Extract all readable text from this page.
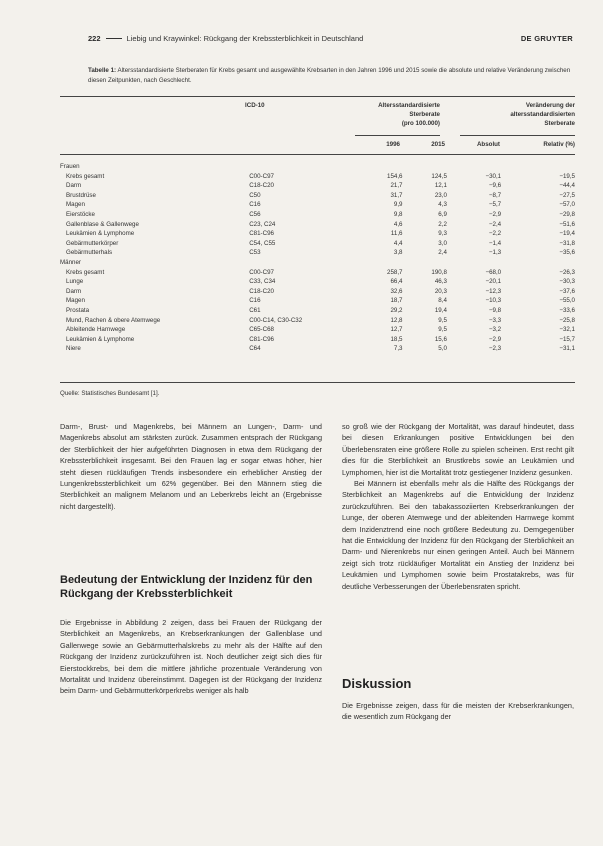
222	Liebig und Kraywinkel: Rückgang der Krebssterblichkeit in Deutschland	DE GRUYTER
Tabelle 1: Altersstandardisierte Sterberaten für Krebs gesamt und ausgewählte Krebsarten in den Jahren 1996 und 2015 sowie die absolute und relative Veränderung zwischen diesen Zeitpunkten, nach Geschlecht.
ICD-10	Altersstandardisierte
Sterberate
(pro 100.000)
Veränderung der
altersstandardisierten
Sterberate
1996	2015	Absolut	Relativ (%)
Frauen					
Krebs gesamt	C00-C97	154,6	124,5	−30,1	−19,5
Darm	C18-C20	21,7	12,1	−9,6	−44,4
Brustdrüse	C50	31,7	23,0	−8,7	−27,5
Magen	C16	9,9	4,3	−5,7	−57,0
Eierstöcke	C56	9,8	6,9	−2,9	−29,8
Gallenblase & Gallenwege	C23, C24	4,6	2,2	−2,4	−51,6
Leukämien & Lymphome	C81-C96	11,6	9,3	−2,2	−19,4
Gebärmutterkörper	C54, C55	4,4	3,0	−1,4	−31,8
Gebärmutterhals	C53	3,8	2,4	−1,3	−35,6
Männer					
Krebs gesamt	C00-C97	258,7	190,8	−68,0	−26,3
Lunge	C33, C34	66,4	46,3	−20,1	−30,3
Darm	C18-C20	32,6	20,3	−12,3	−37,6
Magen	C16	18,7	8,4	−10,3	−55,0
Prostata	C61	29,2	19,4	−9,8	−33,6
Mund, Rachen & obere Atemwege	C00-C14, C30-C32	12,8	9,5	−3,3	−25,8
Ableitende Harnwege	C65-C68	12,7	9,5	−3,2	−32,1
Leukämien & Lymphome	C81-C96	18,5	15,6	−2,9	−15,7
Niere	C64	7,3	5,0	−2,3	−31,1
Quelle: Statistisches Bundesamt [1].

Darm-, Brust- und Magenkrebs, bei Männern an Lungen-, Darm- und Magenkrebs absolut am stärksten zurück. Zusammen entsprach der Rückgang der Sterblichkeit der hier aufgeführten Diagnosen in etwa dem Rückgang der Krebssterblichkeit insgesamt. Bei den Frauen lag er sogar etwas höher, hier steht diesen rückläufigen Trends insbesondere ein erheblicher Anstieg der Lungenkrebssterblichkeit um 62% gegenüber. Bei den Männern stieg die Sterblichkeit an malignem Melanom und an Leberkrebs leicht an (Ergebnisse nicht dargestellt).

Bedeutung der Entwicklung der Inzidenz für den Rückgang der Krebssterblichkeit

Die Ergebnisse in Abbildung 2 zeigen, dass bei Frauen der Rückgang der Sterblichkeit an Magenkrebs, an Krebserkrankungen der Gallenblase und Gallenwege sowie an Gebärmutterhalskrebs zu mehr als der Hälfte auf den Rückgang der Inzidenz zurückzuführen ist. Noch deutlicher zeigt sich dies für Eierstockkrebs, bei dem die mittlere jährliche prozentuale Veränderung von Mortalität und Inzidenz übereinstimmt. Dagegen ist der Rückgang der Inzidenz beim Darm- und Gebärmutterkörperkrebs weniger als halb

so groß wie der Rückgang der Mortalität, was darauf hindeutet, dass bei diesen Erkrankungen positive Entwicklungen bei den Überlebensraten eine größere Rolle zu spielen scheinen. Erst recht gilt dies für die Sterblichkeit an Brustkrebs sowie an Leukämien und Lymphomen, hier ist die Mortalität trotz gestiegener Inzidenz gesunken.

Bei Männern ist ebenfalls mehr als die Hälfte des Rückgangs der Sterblichkeit an Magenkrebs auf die Entwicklung der Inzidenz zurückzuführen. Bei den tabakassoziierten Krebserkrankungen der Lunge, der oberen Atemwege und der ableitenden Harnwege kommt dem Inzidenztrend eine noch größere Bedeutung zu. Demgegenüber hat die Entwicklung der Inzidenz für den Rückgang der Sterblichkeit an Darm- und Nierenkrebs nur einen geringen Anteil. Auch bei Männern zeigt sich trotz rückläufiger Mortalität ein Anstieg der Inzidenz bei Leukämien und Lymphomen sowie beim Prostatakrebs, was für deutliche Verbesserungen der Überlebensraten spricht.

Diskussion

Die Ergebnisse zeigen, dass für die meisten der Krebserkrankungen, die wesentlich zum Rückgang der
